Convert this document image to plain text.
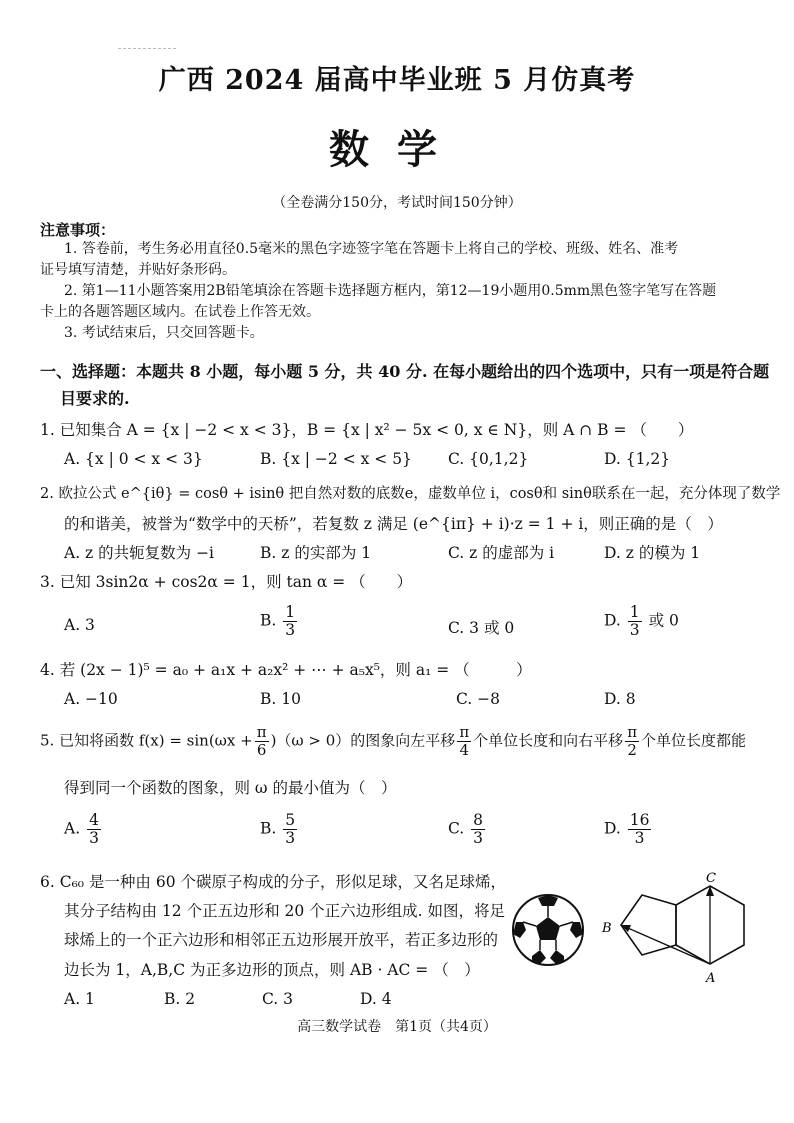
广西 2024 届高中毕业班 5 月仿真考
数学
（全卷满分150分，考试时间150分钟）
注意事项：
1. 答卷前，考生务必用直径0.5毫米的黑色字迹签字笔在答题卡上将自己的学校、班级、姓名、准考
证号填写清楚，并贴好条形码。
2. 第1—11小题答案用2B铅笔填涂在答题卡选择题方框内，第12—19小题用0.5mm黑色签字笔写在答题
卡上的各题答题区域内。在试卷上作答无效。
3. 考试结束后，只交回答题卡。
一、选择题：本题共 8 小题，每小题 5 分，共 40 分. 在每小题给出的四个选项中，只有一项是符合题
目要求的.
1. 已知集合 A = {x | −2 < x < 3}，B = {x | x² − 5x < 0, x ∈ N}，则 A ∩ B = （　　）
A. {x | 0 < x < 3}	B. {x | −2 < x < 5} C. {0,1,2}	D. {1,2}
2. 欧拉公式 e^{iθ} = cosθ + isinθ 把自然对数的底数e，虚数单位 i，cosθ和 sinθ联系在一起，充分体现了数学
的和谐美，被誉为“数学中的天桥”，若复数 z 满足 (e^{iπ} + i)·z = 1 + i，则正确的是（　）
A. z 的共轭复数为 −i	B. z 的实部为 1	C. z 的虚部为 i	D. z 的模为 1
3. 已知 3sin2α + cos2α = 1，则 tan α = （　　）
A. 3	B. $\frac{1}{3}$	C. 3 或 0	D. $\frac{1}{3}$ 或 0
4. 若 (2x − 1)⁵ = a₀ + a₁x + a₂x² + ⋯ + a₅x⁵，则 a₁ = （　　　）
A. −10	B. 10	C. −8	D. 8
5. 已知将函数 $f(x) = \sin(\omega x + \frac{\pi}{6} )(\omega > 0)$的图象向左平移 $\frac{\pi}{4}$ 个单位长度和向右平移 $\frac{\pi}{2}$ 个单位长度都能
得到同一个函数的图象，则 ω 的最小值为（　）
A. $\frac{4}{3}$	B. $\frac{5}{3}$	C. $\frac{8}{3}$	D. $\frac{16}{3}$
6. C₆₀ 是一种由 60 个碳原子构成的分子，形似足球，又名足球烯，
其分子结构由 12 个正五边形和 20 个正六边形组成. 如图，将足
球烯上的一个正六边形和相邻正五边形展开放平，若正多边形的
边长为 1，A,B,C 为正多边形的顶点，则 AB · AC = （　）
A. 1	B. 2	C. 3	D. 4
C
B
A
高三数学试卷　第1页（共4页）
